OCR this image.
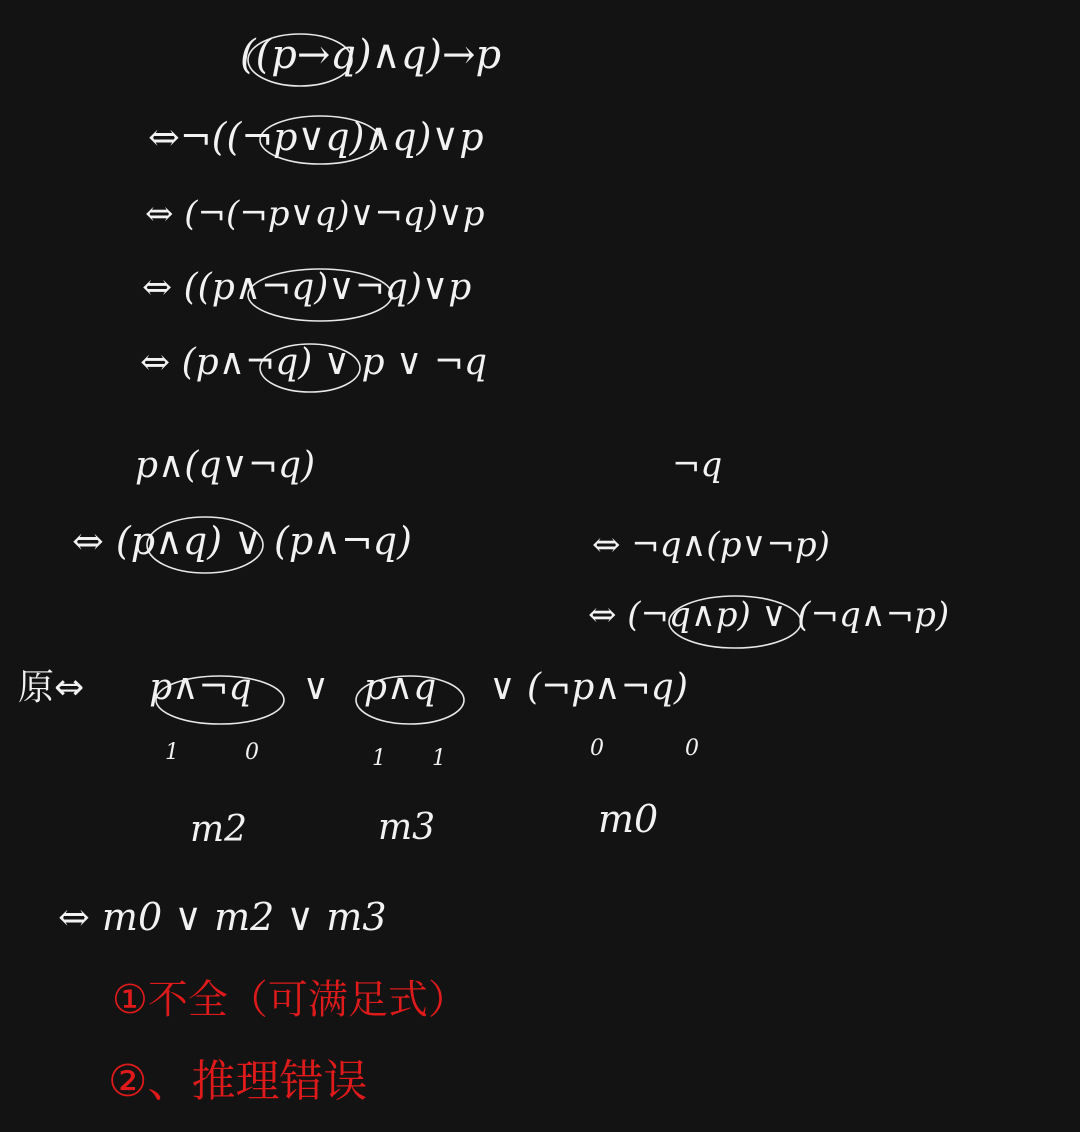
((p→q)∧q)→p
⇔¬((¬p∨q)∧q)∨p
⇔ (¬(¬p∨q)∨¬q)∨p
⇔ ((p∧¬q)∨¬q)∨p
⇔ (p∧¬q) ∨ p ∨ ¬q
p∧(q∨¬q)
⇔ (p∧q) ∨ (p∧¬q)
¬q
⇔ ¬q∧(p∨¬p)
⇔ (¬q∧p) ∨ (¬q∧¬p)
原⇔ p∧¬q ∨ p∧q ∨ (¬p∧¬q)
1	0	1 1	0	0
m2	m3	m0
⇔ m0 ∨ m2 ∨ m3
①不全（可满足式）
②、推理错误
